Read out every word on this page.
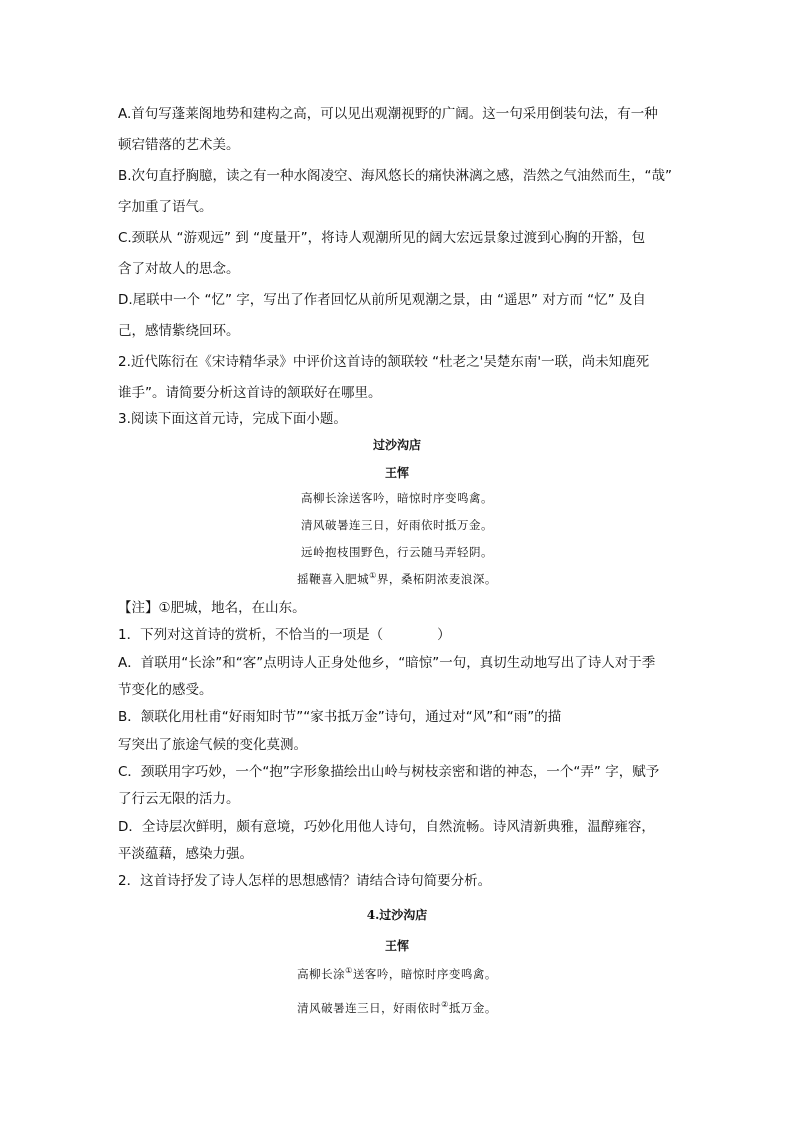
A.首句写蓬莱阁地势和建构之高，可以见出观潮视野的广阔。这一句采用倒装句法，有一种
顿宕错落的艺术美。
B.次句直抒胸臆，读之有一种水阁凌空、海风悠长的痛快淋漓之感，浩然之气油然而生，“哉”
字加重了语气。
C.颈联从 “游观远” 到 “度量开”，将诗人观潮所见的阔大宏远景象过渡到心胸的开豁，包
含了对故人的思念。
D.尾联中一个 “忆” 字，写出了作者回忆从前所见观潮之景，由 “遥思” 对方而 “忆” 及自
己，感情紫绕回环。
2.近代陈衍在《宋诗精华录》中评价这首诗的颔联较 “杜老之'吴楚东南'一联，尚未知鹿死
谁手”。请简要分析这首诗的颔联好在哪里。
3.阅读下面这首元诗，完成下面小题。
过沙沟店
王恽
高柳长涂送客吟，暗惊时序变鸣禽。
清风破暑连三日，好雨依时抵万金。
远岭抱枝围野色，行云随马弄轻阴。
摇鞭喜入肥城①界，桑柘阴浓麦浪深。
【注】①肥城，地名，在山东。
1．下列对这首诗的赏析，不恰当的一项是（　　　　）
A．首联用“长涂”和“客”点明诗人正身处他乡，“暗惊”一句，真切生动地写出了诗人对于季
节变化的感受。
B．颔联化用杜甫“好雨知时节”“家书抵万金”诗句，通过对“风”和“雨”的描
写突出了旅途气候的变化莫测。
C．颈联用字巧妙，一个“抱”字形象描绘出山岭与树枝亲密和谐的神态，一个“弄” 字，赋予
了行云无限的活力。
D．全诗层次鲜明，颇有意境，巧妙化用他人诗句，自然流畅。诗风清新典雅，温醇雍容，
平淡蕴藉，感染力强。
2．这首诗抒发了诗人怎样的思想感情？请结合诗句简要分析。
4.过沙沟店
王恽
高柳长涂①送客吟，暗惊时序变鸣禽。
清风破暑连三日，好雨依时②抵万金。
